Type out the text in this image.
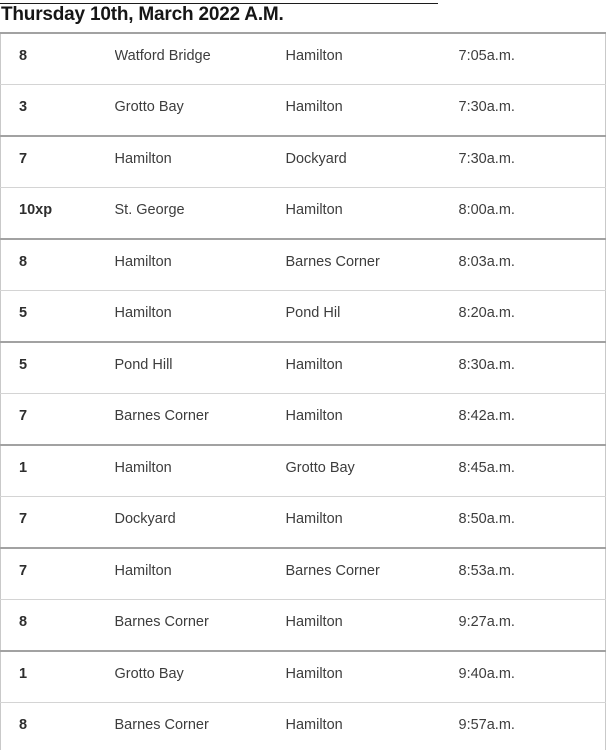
Thursday 10th, March 2022 A.M.
8	Watford Bridge	Hamilton	7:05a.m.
3	Grotto Bay	Hamilton	7:30a.m.
7	Hamilton	Dockyard	7:30a.m.
10xp	St. George	Hamilton	8:00a.m.
8	Hamilton	Barnes Corner	8:03a.m.
5	Hamilton	Pond Hil	8:20a.m.
5	Pond Hill	Hamilton	8:30a.m.
7	Barnes Corner	Hamilton	8:42a.m.
1	Hamilton	Grotto Bay	8:45a.m.
7	Dockyard	Hamilton	8:50a.m.
7	Hamilton	Barnes Corner	8:53a.m.
8	Barnes Corner	Hamilton	9:27a.m.
1	Grotto Bay	Hamilton	9:40a.m.
8	Barnes Corner	Hamilton	9:57a.m.
